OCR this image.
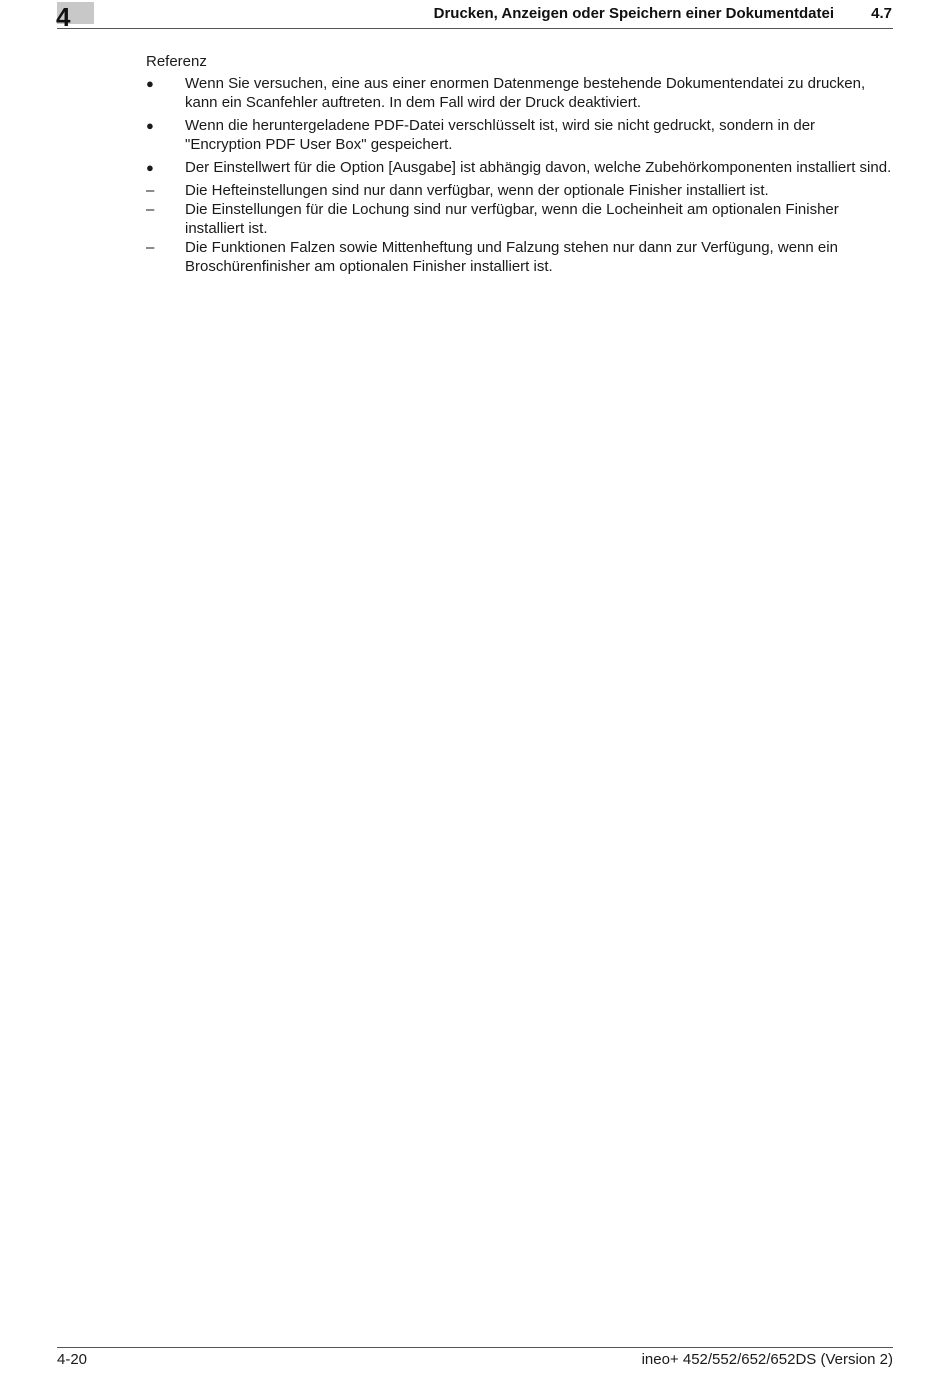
4	Drucken, Anzeigen oder Speichern einer Dokumentdatei 4.7

Referenz

●	Wenn Sie versuchen, eine aus einer enormen Datenmenge bestehende Dokumentendatei zu drucken, kann ein Scanfehler auftreten. In dem Fall wird der Druck deaktiviert.
●	Wenn die heruntergeladene PDF-Datei verschlüsselt ist, wird sie nicht gedruckt, sondern in der "Encryption PDF User Box" gespeichert.
●	Der Einstellwert für die Option [Ausgabe] ist abhängig davon, welche Zubehörkomponenten installiert sind.
–	Die Hefteinstellungen sind nur dann verfügbar, wenn der optionale Finisher installiert ist.
–	Die Einstellungen für die Lochung sind nur verfügbar, wenn die Locheinheit am optionalen Finisher installiert ist.
–	Die Funktionen Falzen sowie Mittenheftung und Falzung stehen nur dann zur Verfügung, wenn ein Broschürenfinisher am optionalen Finisher installiert ist.
4-20	ineo+ 452/552/652/652DS (Version 2)
